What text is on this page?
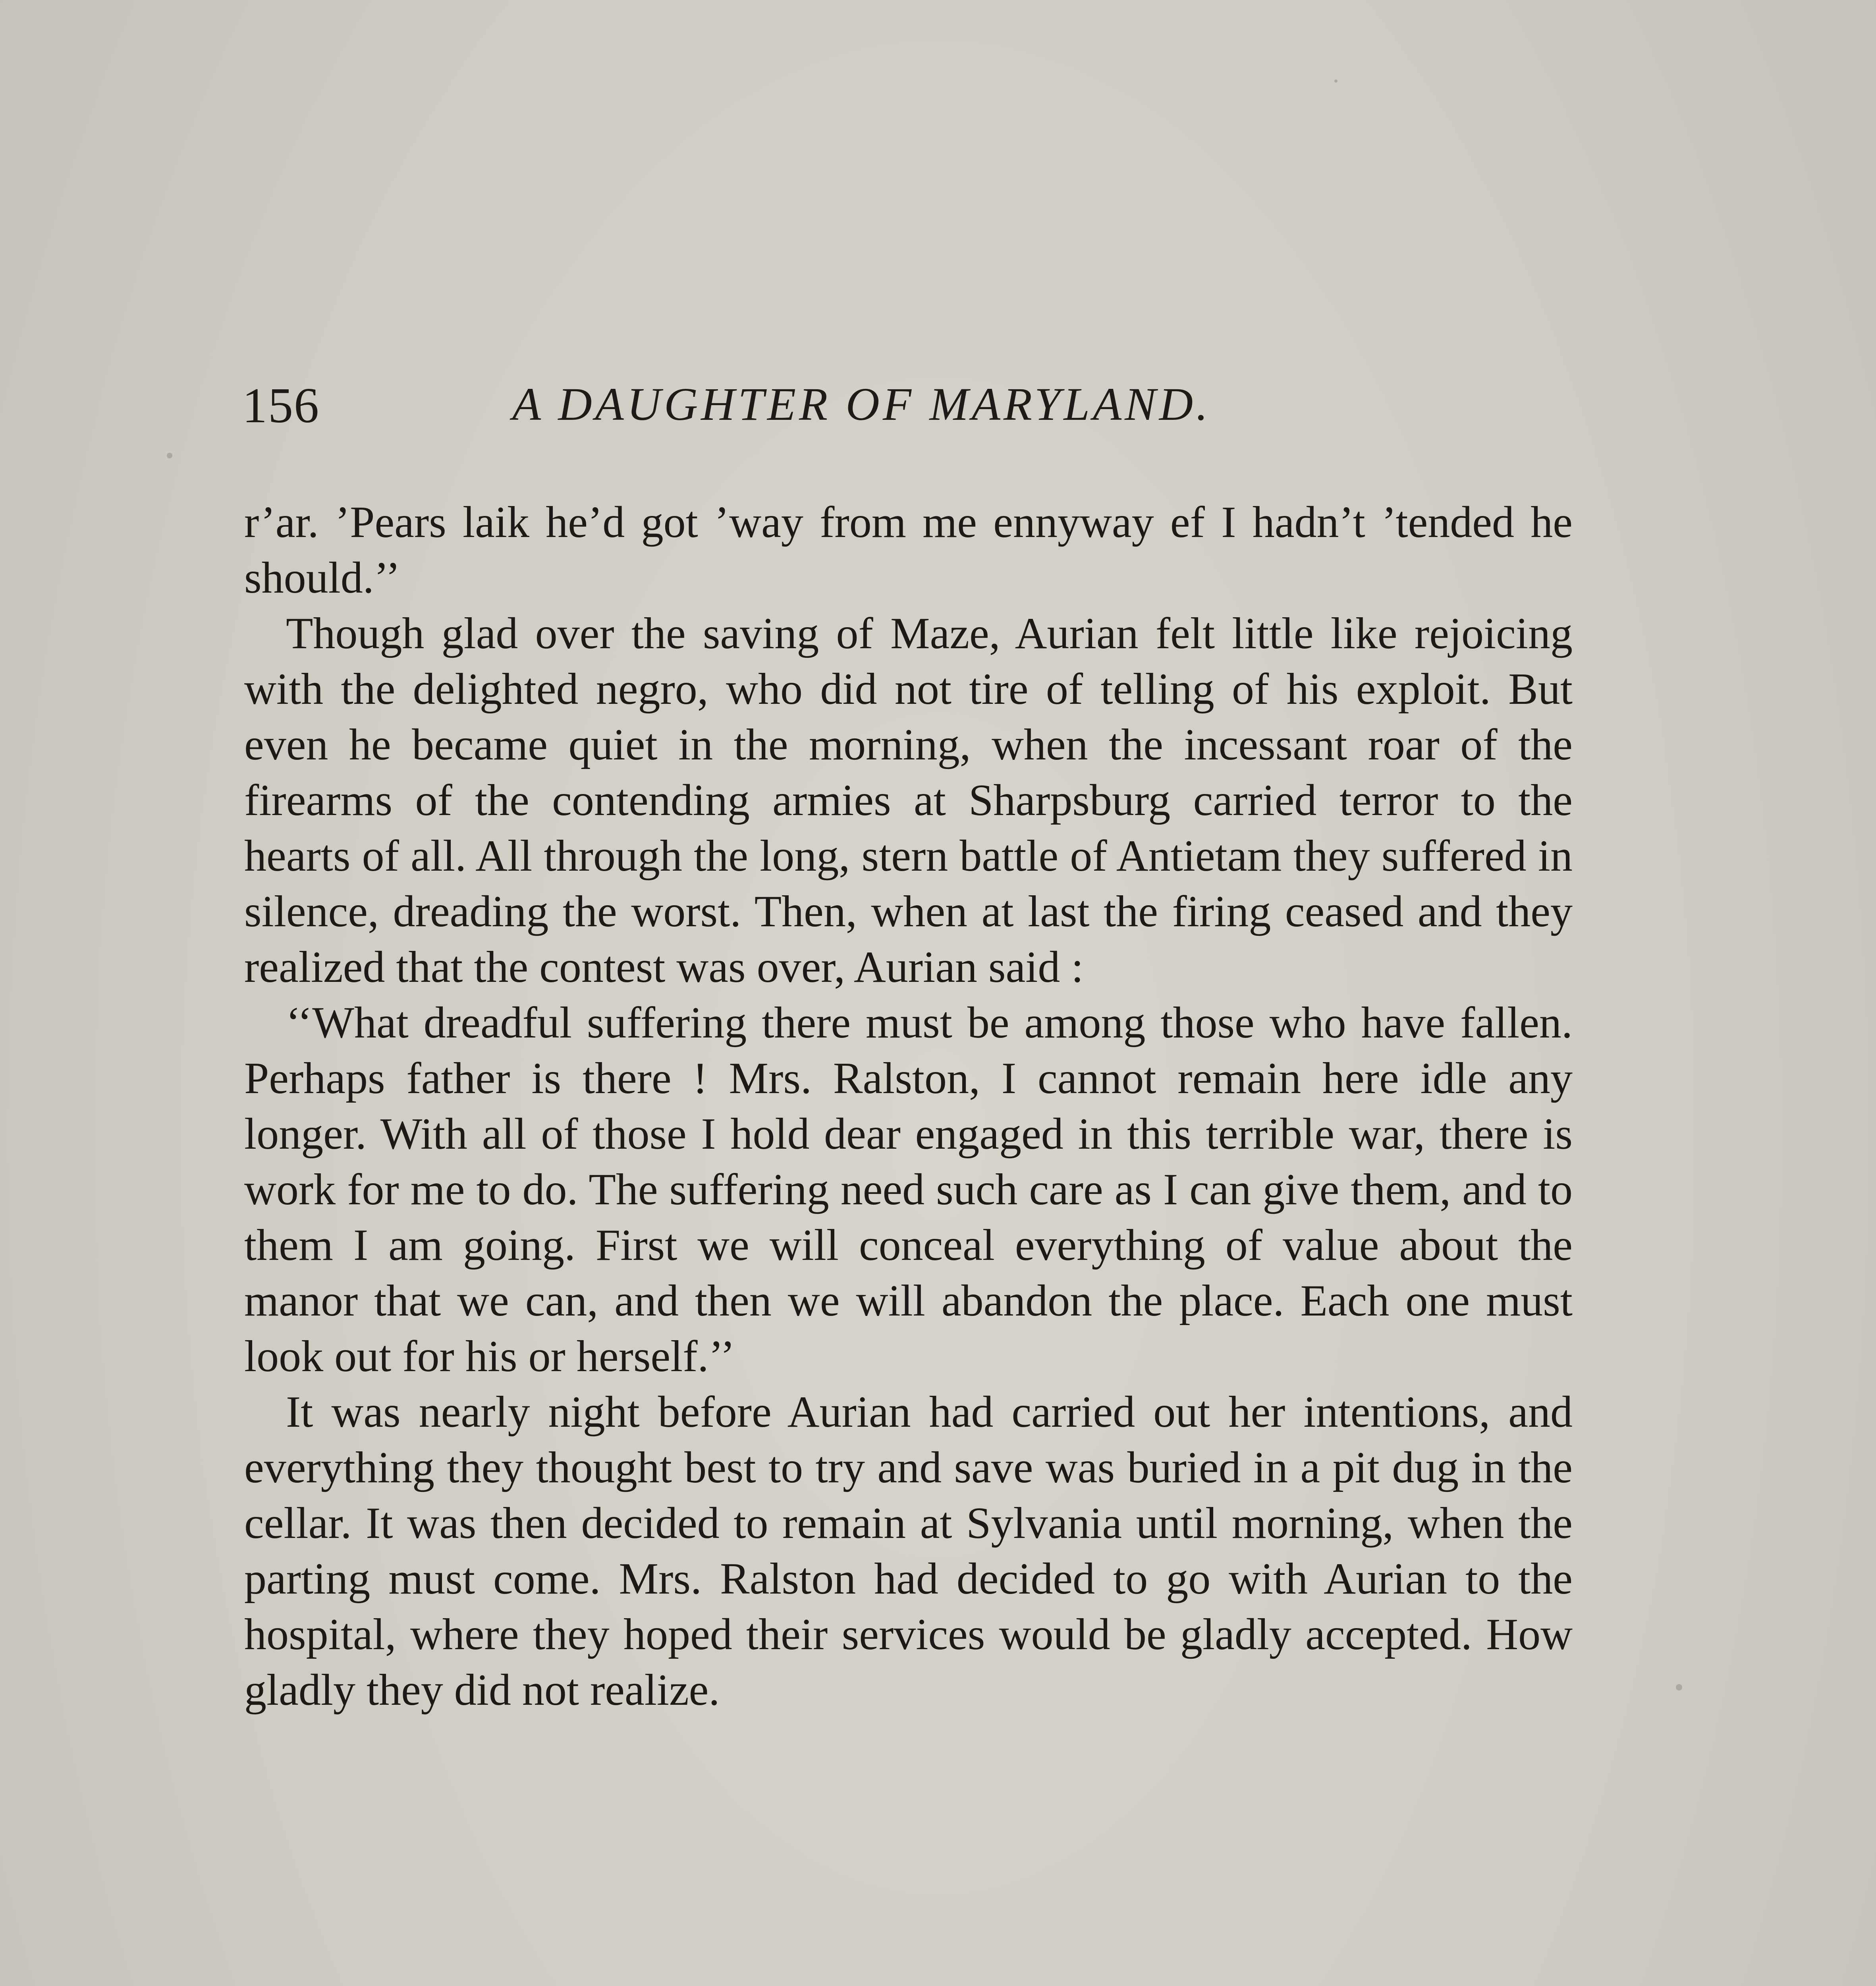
156	A DAUGHTER OF MARYLAND.

r’ar. ’Pears laik he’d got ’way from me ennyway ef I hadn’t ’tended he should.’’

Though glad over the saving of Maze, Aurian felt little like rejoicing with the delighted negro, who did not tire of telling of his exploit. But even he became quiet in the morning, when the incessant roar of the firearms of the contending armies at Sharpsburg carried terror to the hearts of all. All through the long, stern battle of Antietam they suffered in silence, dreading the worst. Then, when at last the firing ceased and they realized that the contest was over, Aurian said :

‘‘What dreadful suffering there must be among those who have fallen. Perhaps father is there ! Mrs. Ralston, I cannot remain here idle any longer. With all of those I hold dear engaged in this terrible war, there is work for me to do. The suffering need such care as I can give them, and to them I am going. First we will conceal everything of value about the manor that we can, and then we will abandon the place. Each one must look out for his or herself.’’

It was nearly night before Aurian had carried out her intentions, and everything they thought best to try and save was buried in a pit dug in the cellar. It was then decided to remain at Sylvania until morning, when the parting must come. Mrs. Ralston had decided to go with Aurian to the hospital, where they hoped their services would be gladly accepted. How gladly they did not realize.
